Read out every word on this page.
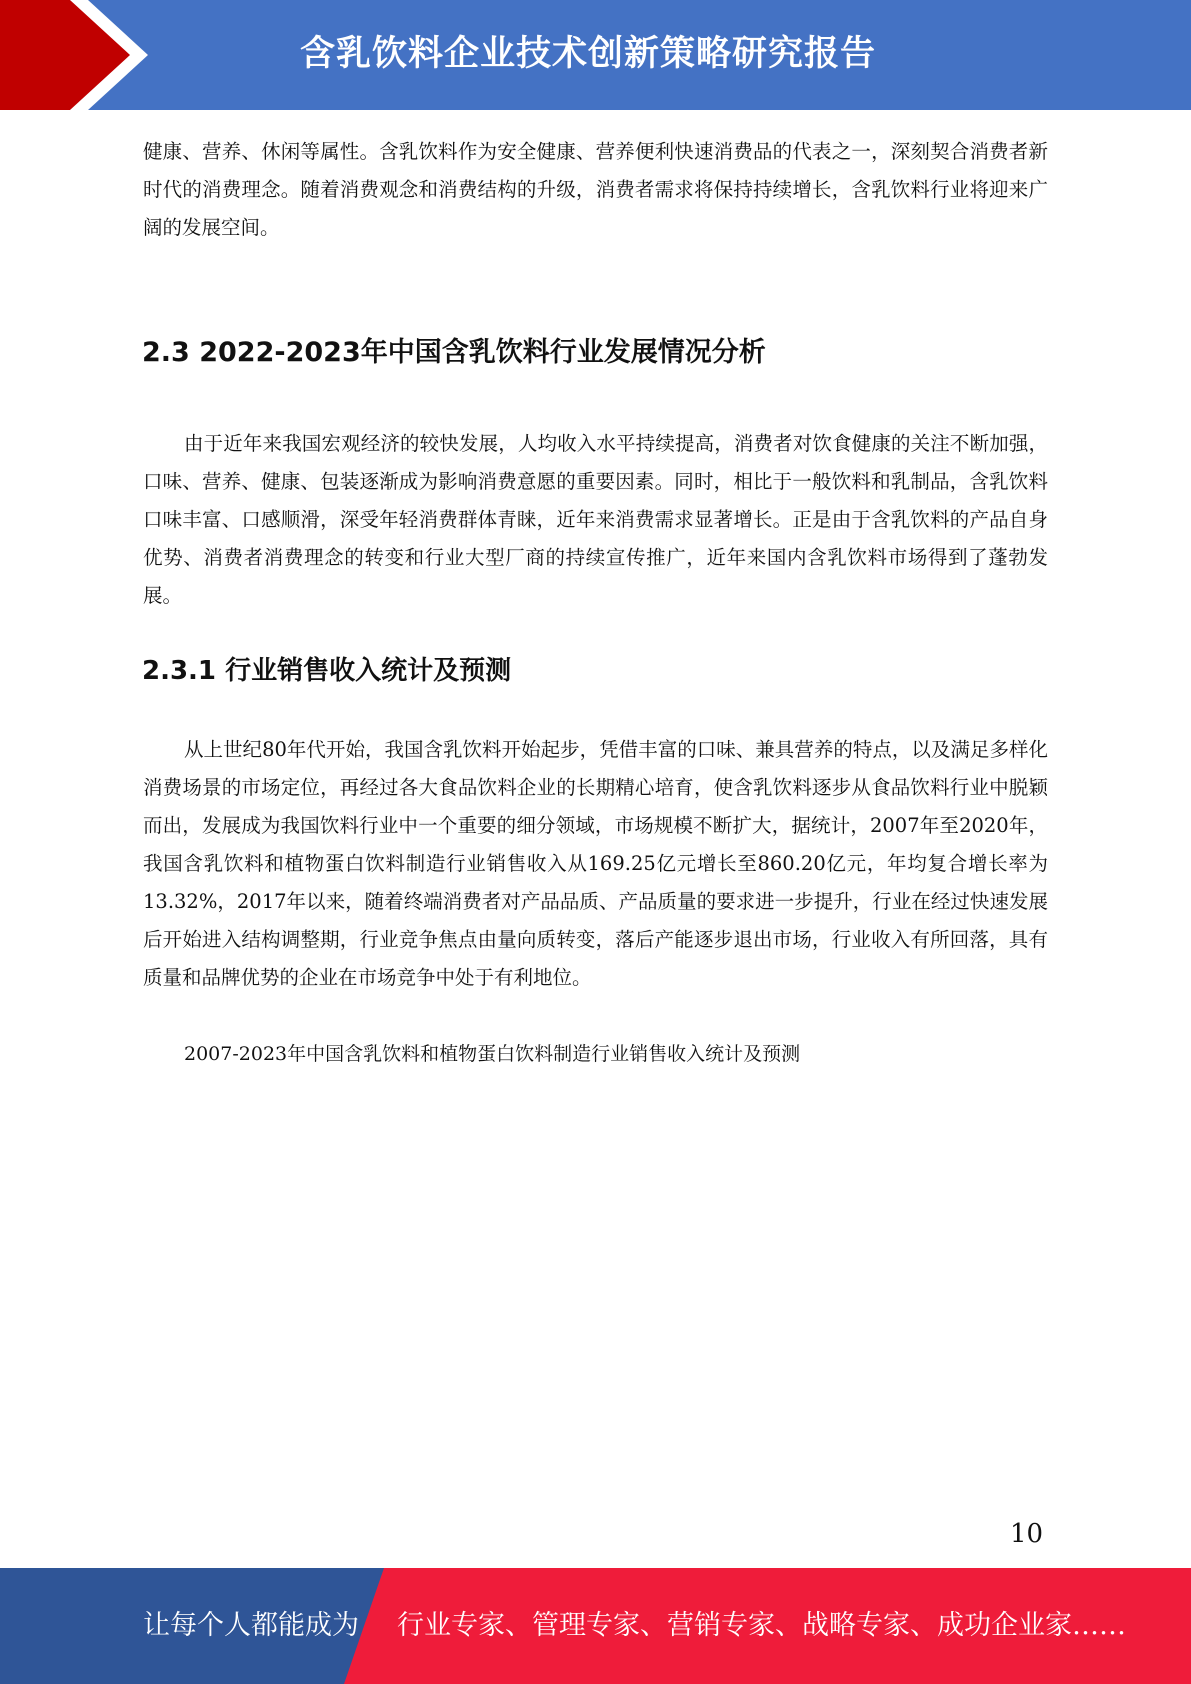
含乳饮料企业技术创新策略研究报告

健康、营养、休闲等属性。含乳饮料作为安全健康、营养便利快速消费品的代表之一，深刻契合消费者新时代的消费理念。随着消费观念和消费结构的升级，消费者需求将保持持续增长，含乳饮料行业将迎来广阔的发展空间。

2.3 2022-2023年中国含乳饮料行业发展情况分析

由于近年来我国宏观经济的较快发展，人均收入水平持续提高，消费者对饮食健康的关注不断加强，口味、营养、健康、包装逐渐成为影响消费意愿的重要因素。同时，相比于一般饮料和乳制品，含乳饮料口味丰富、口感顺滑，深受年轻消费群体青睐，近年来消费需求显著增长。正是由于含乳饮料的产品自身优势、消费者消费理念的转变和行业大型厂商的持续宣传推广，近年来国内含乳饮料市场得到了蓬勃发展。

2.3.1 行业销售收入统计及预测

从上世纪80年代开始，我国含乳饮料开始起步，凭借丰富的口味、兼具营养的特点，以及满足多样化消费场景的市场定位，再经过各大食品饮料企业的长期精心培育，使含乳饮料逐步从食品饮料行业中脱颖而出，发展成为我国饮料行业中一个重要的细分领域，市场规模不断扩大，据统计，2007年至2020年，我国含乳饮料和植物蛋白饮料制造行业销售收入从169.25亿元增长至860.20亿元，年均复合增长率为13.32%，2017年以来，随着终端消费者对产品品质、产品质量的要求进一步提升，行业在经过快速发展后开始进入结构调整期，行业竞争焦点由量向质转变，落后产能逐步退出市场，行业收入有所回落，具有质量和品牌优势的企业在市场竞争中处于有利地位。

2007-2023年中国含乳饮料和植物蛋白饮料制造行业销售收入统计及预测

10
让每个人都能成为 行业专家、管理专家、营销专家、战略专家、成功企业家……
